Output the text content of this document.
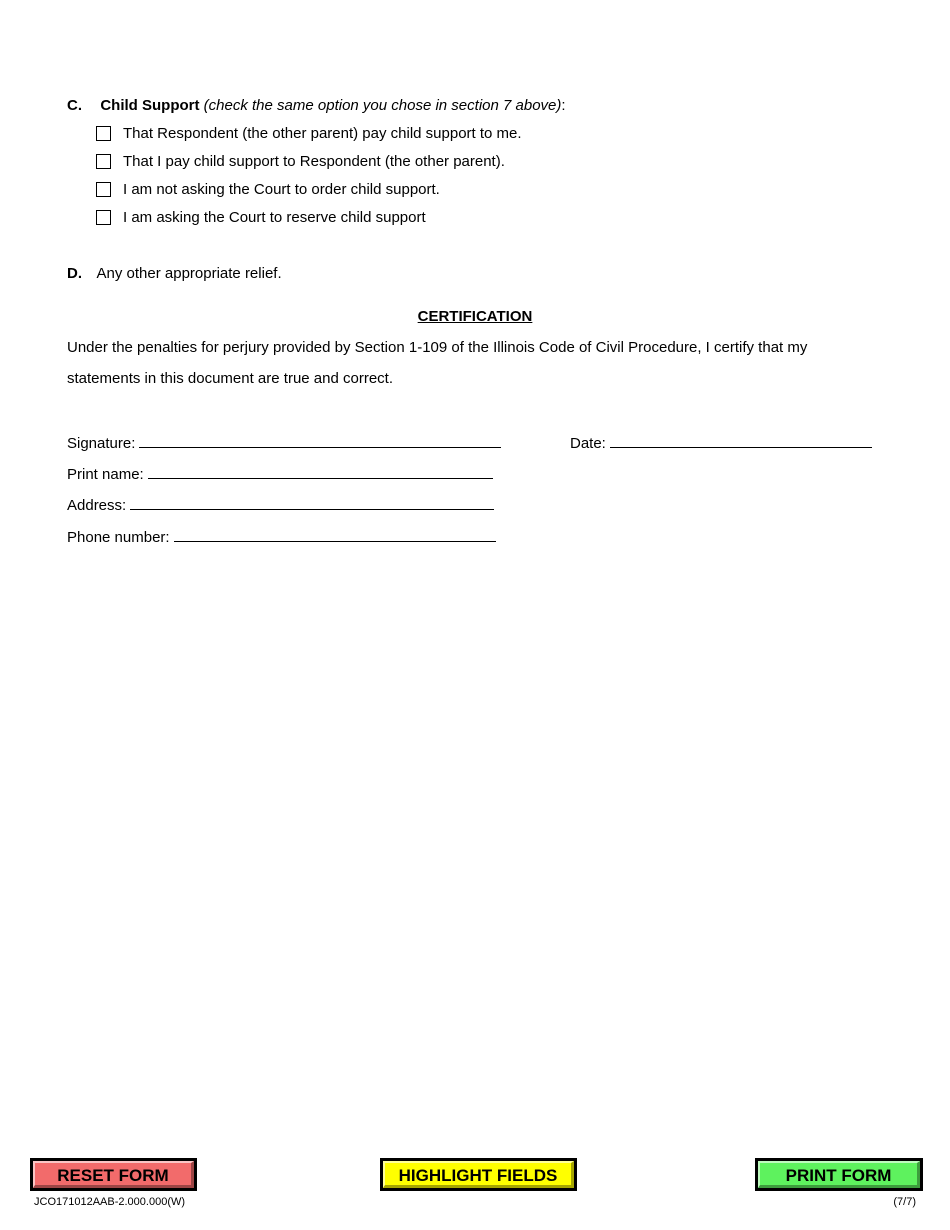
C. Child Support (check the same option you chose in section 7 above):
That Respondent (the other parent) pay child support to me.
That I pay child support to Respondent (the other parent).
I am not asking the Court to order child support.
I am asking the Court to reserve child support
D. Any other appropriate relief.
CERTIFICATION
Under the penalties for perjury provided by Section 1-109 of the Illinois Code of Civil Procedure, I certify that my
statements in this document are true and correct.
Signature:	Date:
Print name:
Address:
Phone number:
RESET FORM	HIGHLIGHT FIELDS	PRINT FORM
JCO171012AAB-2.000.000(W)	(7/7)
